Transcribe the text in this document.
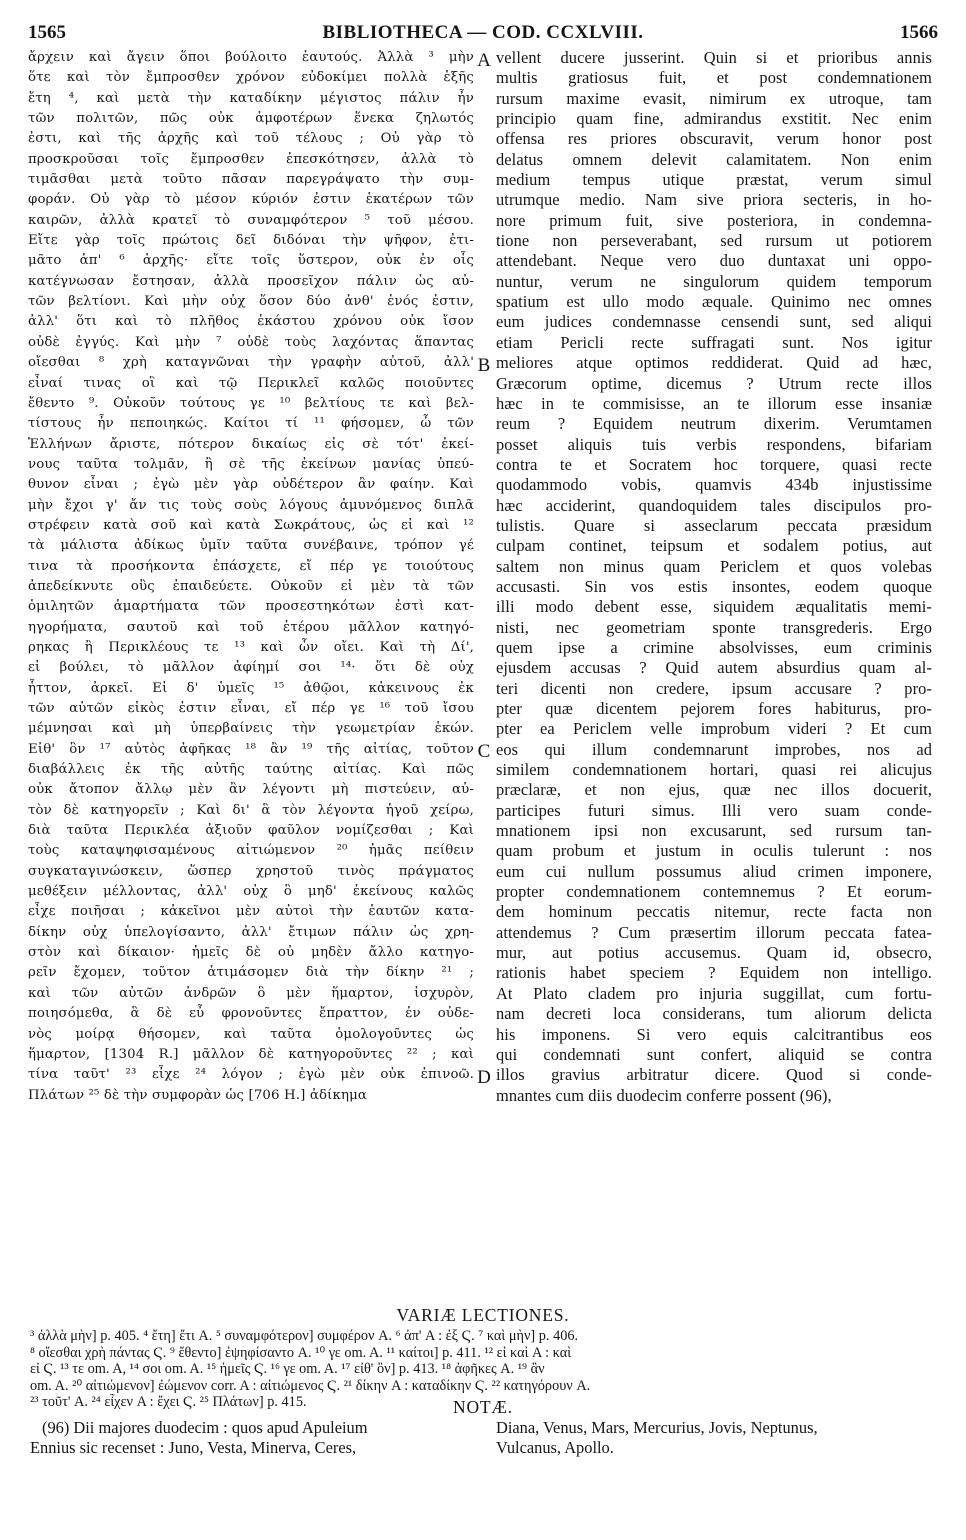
BIBLIOTHECA — COD. CCXLVIII.
1565	1566
ἄρχειν καὶ ἄγειν ὅποι βούλοιτο ἑαυτούς. Ἀλλὰ ³ μὴν
ὅτε καὶ τὸν ἔμπροσθεν χρόνον εὐδοκίμει πολλὰ ἑξῆς
ἔτη ⁴, καὶ μετὰ τὴν καταδίκην μέγιστος πάλιν ἦν
τῶν πολιτῶν, πῶς οὐκ ἀμφοτέρων ἕνεκα ζηλωτός
ἐστι, καὶ τῆς ἀρχῆς καὶ τοῦ τέλους ; Οὐ γὰρ τὸ
προσκροῦσαι τοῖς ἔμπροσθεν ἐπεσκότησεν, ἀλλὰ τὸ
τιμᾶσθαι μετὰ τοῦτο πᾶσαν παρεγράψατο τὴν συμ-
φοράν. Οὐ γὰρ τὸ μέσον κύριόν ἐστιν ἑκατέρων τῶν
καιρῶν, ἀλλὰ κρατεῖ τὸ συναμφότερον ⁵ τοῦ μέσου.
Εἴτε γὰρ τοῖς πρώτοις δεῖ διδόναι τὴν ψῆφον, ἐτι-
μᾶτο ἀπ' ⁶ ἀρχῆς· εἴτε τοῖς ὕστερον, οὐκ ἐν οἷς
κατέγνωσαν ἔστησαν, ἀλλὰ προσεῖχον πάλιν ὡς αὐ-
τῶν βελτίονι. Καὶ μὴν οὐχ ὅσον δύο ἀνθ' ἑνός ἐστιν,
ἀλλ' ὅτι καὶ τὸ πλῆθος ἑκάστου χρόνου οὐκ ἴσον
οὐδὲ ἐγγύς. Καὶ μὴν ⁷ οὐδὲ τοὺς λαχόντας ἅπαντας
οἴεσθαι ⁸ χρὴ καταγνῶναι τὴν γραφὴν αὐτοῦ, ἀλλ'
εἶναί τινας οἳ καὶ τῷ Περικλεῖ καλῶς ποιοῦντες
ἔθεντο ⁹. Οὐκοῦν τούτους γε ¹⁰ βελτίους τε καὶ βελ-
τίστους ἦν πεποιηκώς. Καίτοι τί ¹¹ φήσομεν, ὦ τῶν
Ἑλλήνων ἄριστε, πότερον δικαίως εἰς σὲ τότ' ἐκεί-
νους ταῦτα τολμᾶν, ἢ σὲ τῆς ἐκείνων μανίας ὑπεύ-
θυνον εἶναι ; ἐγὼ μὲν γὰρ οὐδέτερον ἂν φαίην. Καὶ
μὴν ἔχοι γ' ἄν τις τοὺς σοὺς λόγους ἀμυνόμενος διπλᾶ
στρέφειν κατὰ σοῦ καὶ κατὰ Σωκράτους, ὡς εἰ καὶ ¹²
τὰ μάλιστα ἀδίκως ὑμῖν ταῦτα συνέβαινε, τρόπον γέ
τινα τὰ προσήκοντα ἐπάσχετε, εἴ πέρ γε τοιούτους
ἀπεδείκνυτε οὓς ἐπαιδεύετε. Οὐκοῦν εἰ μὲν τὰ τῶν
ὁμιλητῶν ἁμαρτήματα τῶν προσεστηκότων ἐστὶ κατ-
ηγορήματα, σαυτοῦ καὶ τοῦ ἑτέρου μᾶλλον κατηγό-
ρηκας ἢ Περικλέους τε ¹³ καὶ ὧν οἴει. Καὶ τὴ Δί',
εἰ βούλει, τὸ μᾶλλον ἀφίημί σοι ¹⁴· ὅτι δὲ οὐχ
ἧττον, ἀρκεῖ. Εἰ δ' ὑμεῖς ¹⁵ ἀθῷοι, κἀκεινους ἐκ
τῶν αὐτῶν εἰκὸς ἐστιν εἶναι, εἴ πέρ γε ¹⁶ τοῦ ἴσου
μέμνησαι καὶ μὴ ὑπερβαίνεις τὴν γεωμετρίαν ἑκών.
Εἰθ' ὃν ¹⁷ αὐτὸς ἀφῆκας ¹⁸ ἂν ¹⁹ τῆς αἰτίας, τοῦτον
διαβάλλεις ἐκ τῆς αὐτῆς ταύτης αἰτίας. Καὶ πῶς
οὐκ ἄτοπον ἄλλῳ μὲν ἂν λέγοντι μὴ πιστεύειν, αὐ-
τὸν δὲ κατηγορεῖν ; Καὶ δι' ἃ τὸν λέγοντα ἡγοῦ χείρω,
διὰ ταῦτα Περικλέα ἀξιοῦν φαῦλον νομίζεσθαι ; Καὶ
τοὺς καταψηφισαμένους αἰτιώμενον ²⁰ ἡμᾶς πείθειν
συγκαταγινώσκειν, ὥσπερ χρηστοῦ τινὸς πράγματος
μεθέξειν μέλλοντας, ἀλλ' οὐχ ὃ μηδ' ἐκείνους καλῶς
εἶχε ποιῆσαι ; κἀκεῖνοι μὲν αὐτοὶ τὴν ἑαυτῶν κατα-
δίκην οὐχ ὑπελογίσαντο, ἀλλ' ἔτιμων πάλιν ὡς χρη-
στὸν καὶ δίκαιον· ἡμεῖς δὲ οὐ μηδὲν ἄλλο κατηγο-
ρεῖν ἔχομεν, τοῦτον ἀτιμάσομεν διὰ τὴν δίκην ²¹ ;
καὶ τῶν αὐτῶν ἀνδρῶν ὃ μὲν ἥμαρτον, ἰσχυρὸν,
ποιησόμεθα, ἃ δὲ εὖ φρονοῦντες ἔπραττον, ἐν οὐδε-
νὸς μοίρᾳ θήσομεν, καὶ ταῦτα ὁμολογοῦντες ὡς
ἥμαρτον, [1304 R.] μᾶλλον δὲ κατηγοροῦντες ²² ; καὶ
τίνα ταῦτ' ²³ εἶχε ²⁴ λόγον ; ἐγὼ μὲν οὐκ ἐπινοῶ.
Πλάτων ²⁵ δὲ τὴν συμφορὰν ὡς [706 H.] ἀδίκημα
vellent ducere jusserint. Quin si et prioribus annis
multis gratiosus fuit, et post condemnationem
rursum maxime evasit, nimirum ex utroque, tam
principio quam fine, admirandus exstitit. Nec enim
offensa res priores obscuravit, verum honor post
delatus omnem delevit calamitatem. Non enim
medium tempus utique præstat, verum simul
utrumque medio. Nam sive priora secteris, in ho-
nore primum fuit, sive posteriora, in condemna-
tione non perseverabant, sed rursum ut potiorem
attendebant. Neque vero duo duntaxat uni oppo-
nuntur, verum ne singulorum quidem temporum
spatium est ullo modo æquale. Quinimo nec omnes
eum judices condemnasse censendi sunt, sed aliqui
etiam Pericli recte suffragati sunt. Nos igitur
meliores atque optimos reddiderat. Quid ad hæc,
Græcorum optime, dicemus ? Utrum recte illos
hæc in te commisisse, an te illorum esse insaniæ
reum ? Equidem neutrum dixerim. Verumtamen
posset aliquis tuis verbis respondens, bifariam
contra te et Socratem hoc torquere, quasi recte
quodammodo vobis, quamvis 434b injustissime
hæc acciderint, quandoquidem tales discipulos pro-
tulistis. Quare si asseclarum peccata præsidum
culpam continet, teipsum et sodalem potius, aut
saltem non minus quam Periclem et quos volebas
accusasti. Sin vos estis insontes, eodem quoque
illi modo debent esse, siquidem æqualitatis memi-
nisti, nec geometriam sponte transgrederis. Ergo
quem ipse a crimine absolvisses, eum criminis
ejusdem accusas ? Quid autem absurdius quam al-
teri dicenti non credere, ipsum accusare ? pro-
pter quæ dicentem pejorem fores habiturus, pro-
pter ea Periclem velle improbum videri ? Et cum
eos qui illum condemnarunt improbes, nos ad
similem condemnationem hortari, quasi rei alicujus
præclaræ, et non ejus, quæ nec illos docuerit,
participes futuri simus. Illi vero suam conde-
mnationem ipsi non excusarunt, sed rursum tan-
quam probum et justum in oculis tulerunt : nos
eum cui nullum possumus aliud crimen imponere,
propter condemnationem contemnemus ? Et eorum-
dem hominum peccatis nitemur, recte facta non
attendemus ? Cum præsertim illorum peccata fatea-
mur, aut potius accusemus. Quam id, obsecro,
rationis habet speciem ? Equidem non intelligo.
At Plato cladem pro injuria suggillat, cum fortu-
nam decreti loca considerans, tum aliorum delicta
his imponens. Si vero equis calcitrantibus eos
qui condemnati sunt confert, aliquid se contra
illos gravius arbitratur dicere. Quod si conde-
mnantes cum diis duodecim conferre possent (96),
A
B
C
D
VARIÆ LECTIONES.
³ ἀλλὰ μὴν] p. 405. ⁴ ἔτη] ἔτι A. ⁵ συναμφότερον] συμφέρον A. ⁶ ἀπ' A : ἐξ Ϛ. ⁷ καὶ μὴν] p. 406.
⁸ οἴεσθαι χρὴ πάντας Ϛ. ⁹ ἔθεντο] ἐψηφίσαντο A. ¹⁰ γε om. A. ¹¹ καίτοι] p. 411. ¹² εἰ καὶ A : καὶ
εἰ Ϛ. ¹³ τε om. A, ¹⁴ σοι om. A. ¹⁵ ἡμεῖς Ϛ. ¹⁶ γε om. A. ¹⁷ εἰθ' ὃν] p. 413. ¹⁸ ἀφῆκες A. ¹⁹ ἂν
om. A. ²⁰ αἰτιώμενον] ἐώμενον corr. A : αἰτιώμενος Ϛ. ²¹ δίκην A : καταδίκην Ϛ. ²² κατηγόρουν A.
²³ τοῦτ' A. ²⁴ εἶχεν A : ἔχει Ϛ. ²⁵ Πλάτων] p. 415.	NOTÆ.
(96) Dii majores duodecim : quos apud Apuleium
Ennius sic recenset : Juno, Vesta, Minerva, Ceres,
Diana, Venus, Mars, Mercurius, Jovis, Neptunus,
Vulcanus, Apollo.
